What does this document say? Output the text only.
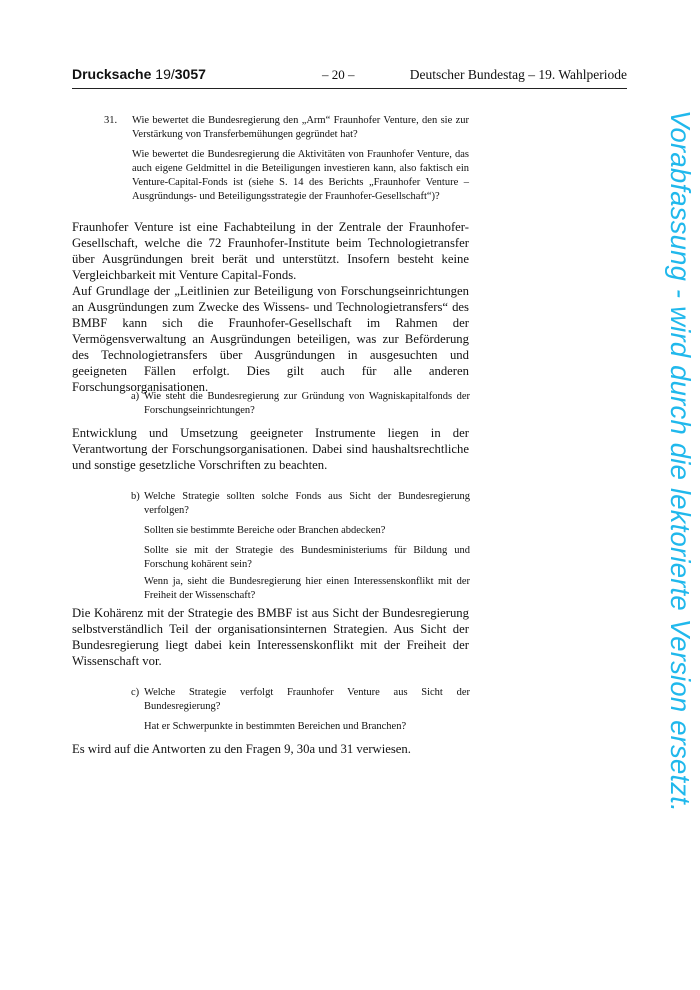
Drucksache 19/3057	– 20 –	Deutscher Bundestag – 19. Wahlperiode
31. Wie bewertet die Bundesregierung den „Arm“ Fraunhofer Venture, den sie zur Verstärkung von Transferbemühungen gegründet hat?
Wie bewertet die Bundesregierung die Aktivitäten von Fraunhofer Venture, das auch eigene Geldmittel in die Beteiligungen investieren kann, also faktisch ein Venture-Capital-Fonds ist (siehe S. 14 des Berichts „Fraunhofer Venture – Ausgründungs- und Beteiligungsstrategie der Fraunhofer-Gesellschaft“)?

Fraunhofer Venture ist eine Fachabteilung in der Zentrale der Fraunhofer-Gesellschaft, welche die 72 Fraunhofer-Institute beim Technologietransfer über Ausgründungen breit berät und unterstützt. Insofern besteht keine Vergleichbarkeit mit Venture Capital-Fonds.

Auf Grundlage der „Leitlinien zur Beteiligung von Forschungseinrichtungen an Ausgründungen zum Zwecke des Wissens- und Technologietransfers“ des BMBF kann sich die Fraunhofer-Gesellschaft im Rahmen der Vermögensverwaltung an Ausgründungen beteiligen, was zur Beförderung des Technologietransfers über Ausgründungen in ausgesuchten und geeigneten Fällen erfolgt. Dies gilt auch für alle anderen Forschungsorganisationen.

a) Wie steht die Bundesregierung zur Gründung von Wagniskapitalfonds der Forschungseinrichtungen?

Entwicklung und Umsetzung geeigneter Instrumente liegen in der Verantwortung der Forschungsorganisationen. Dabei sind haushaltsrechtliche und sonstige gesetzliche Vorschriften zu beachten.

b) Welche Strategie sollten solche Fonds aus Sicht der Bundesregierung verfolgen?
Sollten sie bestimmte Bereiche oder Branchen abdecken?
Sollte sie mit der Strategie des Bundesministeriums für Bildung und Forschung kohärent sein?
Wenn ja, sieht die Bundesregierung hier einen Interessenskonflikt mit der Freiheit der Wissenschaft?

Die Kohärenz mit der Strategie des BMBF ist aus Sicht der Bundesregierung selbstverständlich Teil der organisationsinternen Strategien. Aus Sicht der Bundesregierung liegt dabei kein Interessenskonflikt mit der Freiheit der Wissenschaft vor.

c) Welche Strategie verfolgt Fraunhofer Venture aus Sicht der Bundesregierung?
Hat er Schwerpunkte in bestimmten Bereichen und Branchen?

Es wird auf die Antworten zu den Fragen 9, 30a und 31 verwiesen.	Vorabfassung - wird durch die lektorierte Version ersetzt.
